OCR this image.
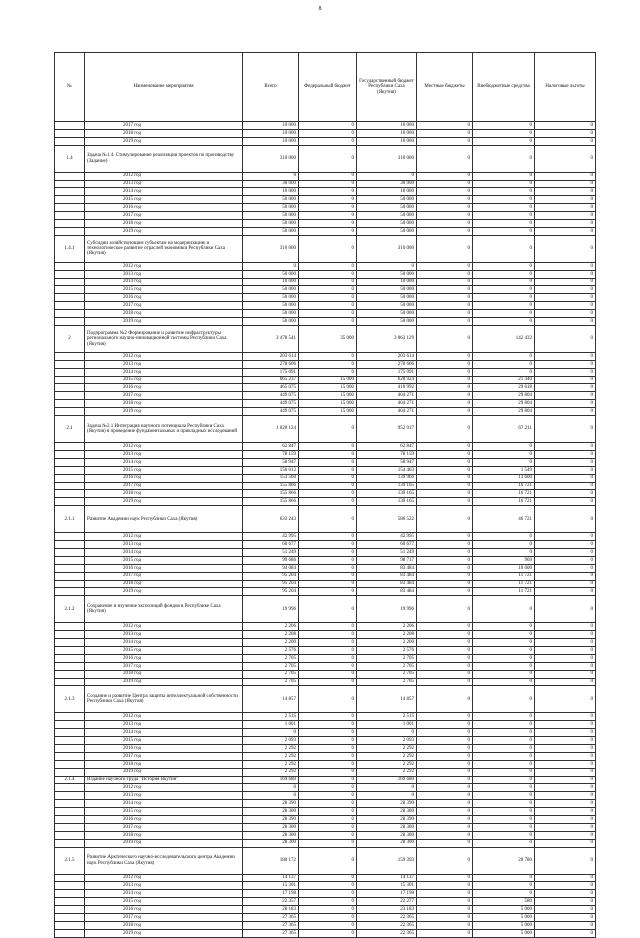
8
№	Наименование мероприятия	Всего	Федеральный бюджет	Государственный бюджет Республики Саха (Якутия)	Местные бюджеты	Внебюджетные средства	Налоговые льготы
	2017 год	10 000	0	10 000	0	0	0
	2018 год	10 000	0	10 000	0	0	0
	2019 год	10 000	0	10 000	0	0	0
1.4	Задача №1.4. Стимулирование реализации проектов по производству (Задание)	310 000	0	310 000	0	0	0
	2012 год	0	0	0	0	0	0
	2013 год	30 000	0	30 000	0	0	0
	2014 год	10 000	0	10 000	0	0	0
	2015 год	50 000	0	50 000	0	0	0
	2016 год	50 000	0	50 000	0	0	0
	2017 год	50 000	0	50 000	0	0	0
	2018 год	50 000	0	50 000	0	0	0
	2019 год	50 000	0	50 000	0	0	0
1.4.1	Субсидии хозяйствующим субъектам на модернизацию и технологическое развитие отраслей экономики Республики Саха (Якутия)	310 000	0	310 000	0	0	0
	2012 год	0	0	0	0	0	0
	2013 год	50 000	0	50 000	0	0	0
	2014 год	10 000	0	10 000	0	0	0
	2015 год	50 000	0	50 000	0	0	0
	2016 год	50 000	0	50 000	0	0	0
	2017 год	50 000	0	50 000	0	0	0
	2018 год	50 000	0	50 000	0	0	0
	2019 год	50 000	0	50 000	0	0	0
2	Подпрограмма №2 Формирование и развитие инфраструктуры регионального научно-инновационной системы Республики Саха (Якутия)	3 478 541	35 000	3 063 129	0	142 432	0
	2012 год	203 614	0	203 614	0	0	0
	2013 год	278 606	0	278 606	0	0	0
	2014 год	175 091	0	175 091	0	0	0
	2015 год	665 237	15 000	628 924	0	21 440	0
	2016 год	465 075	15 000	410 992	0	29 618	0
	2017 год	449 075	15 000	404 271	0	29 804	0
	2018 год	449 075	15 000	404 271	0	29 804	0
	2019 год	449 075	15 000	404 271	0	29 804	0
2.1	Задача №2.1 Интеграция научного потенциала Республики Саха (Якутия) в проведение фундаментальных и прикладных исследований	1 020 124	0	952 917	0	67 211	0
	2012 год	62 847	0	62 847	0	0	0
	2013 год	78 159	0	78 159	0	0	0
	2014 год	58 947	0	58 947	0	0	0
	2015 год	156 012	0	154 463	0	1 549	0
	2016 год	153 560	0	139 966	0	13 600	0
	2017 год	155 866	0	139 165	0	16 721	0
	2018 год	155 866	0	139 165	0	16 721	0
	2019 год	155 866	0	139 165	0	16 721	0
2.1.1	Развитие Академии наук Республики Саха (Якутия)	633 243	0	586 522	0	46 721	0
	2012 год	42 995	0	42 995	0	0	0
	2013 год	60 677	0	60 677	0	0	0
	2014 год	51 249	0	51 249	0	0	0
	2015 год	99 686	0	98 717	0	969	0
	2016 год	94 084	0	83 484	0	10 600	0
	2017 год	95 204	0	83 484	0	11 721	0
	2018 год	95 204	0	83 484	0	11 721	0
	2019 год	95 204	0	83 484	0	11 721	0
2.1.2	Сохранение и изучение экспозиций фондов в Республике Саха (Якутия)	19 996	0	19 996	0	0	0
	2012 год	2 206	0	2 206	0	0	0
	2013 год	2 208	0	2 208	0	0	0
	2014 год	2 200	0	2 200	0	0	0
	2015 год	2 576	0	2 576	0	0	0
	2016 год	2 705	0	2 705	0	0	0
	2017 год	2 705	0	2 705	0	0	0
	2018 год	2 705	0	2 705	0	0	0
	2019 год	2 705	0	2 705	0	0	0
2.1.3	Создание и развитие Центра защиты интеллектуальной собственности Республики Саха (Якутия)	14 857	0	14 857	0	0	0
	2012 год	2 515	0	2 515	0	0	0
	2013 год	1 001	0	1 001	0	0	0
	2014 год	0	0	0	0	0	0
	2015 год	2 093	0	2 093	0	0	0
	2016 год	2 292	0	2 292	0	0	0
	2017 год	2 292	0	2 292	0	0	0
	2018 год	2 292	0	2 292	0	0	0
	2019 год	2 292	0	2 292	0	0	0
2.1.4	Издание научного труда "История Якутии"	169 680	0	169 680	0	0	0
	2012 год	0	0	0	0	0	0
	2013 год	0	0	0	0	0	0
	2014 год	28 390	0	28 390	0	0	0
	2015 год	28 300	0	28 300	0	0	0
	2016 год	28 390	0	28 390	0	0	0
	2017 год	28 300	0	28 300	0	0	0
	2018 год	28 300	0	28 300	0	0	0
	2019 год	28 300	0	28 300	0	0	0
2.1.5	Развитие Арктического научно-исследовательского центра Академии наук Республики Саха (Якутия)	180 172	0	159 393	0	20 780	0
	2012 год	14 137	0	14 137	0	0	0
	2013 год	15 301	0	15 301	0	0	0
	2014 год	17 198	0	17 198	0	0	0
	2015 год	22 357	0	22 277	0	580	0
	2016 год	28 183	0	23 183	0	5 000	0
	2017 год	27 365	0	22 365	0	5 000	0
	2018 год	27 365	0	22 365	0	5 000	0
	2019 год	27 365	0	22 365	0	5 000	0
